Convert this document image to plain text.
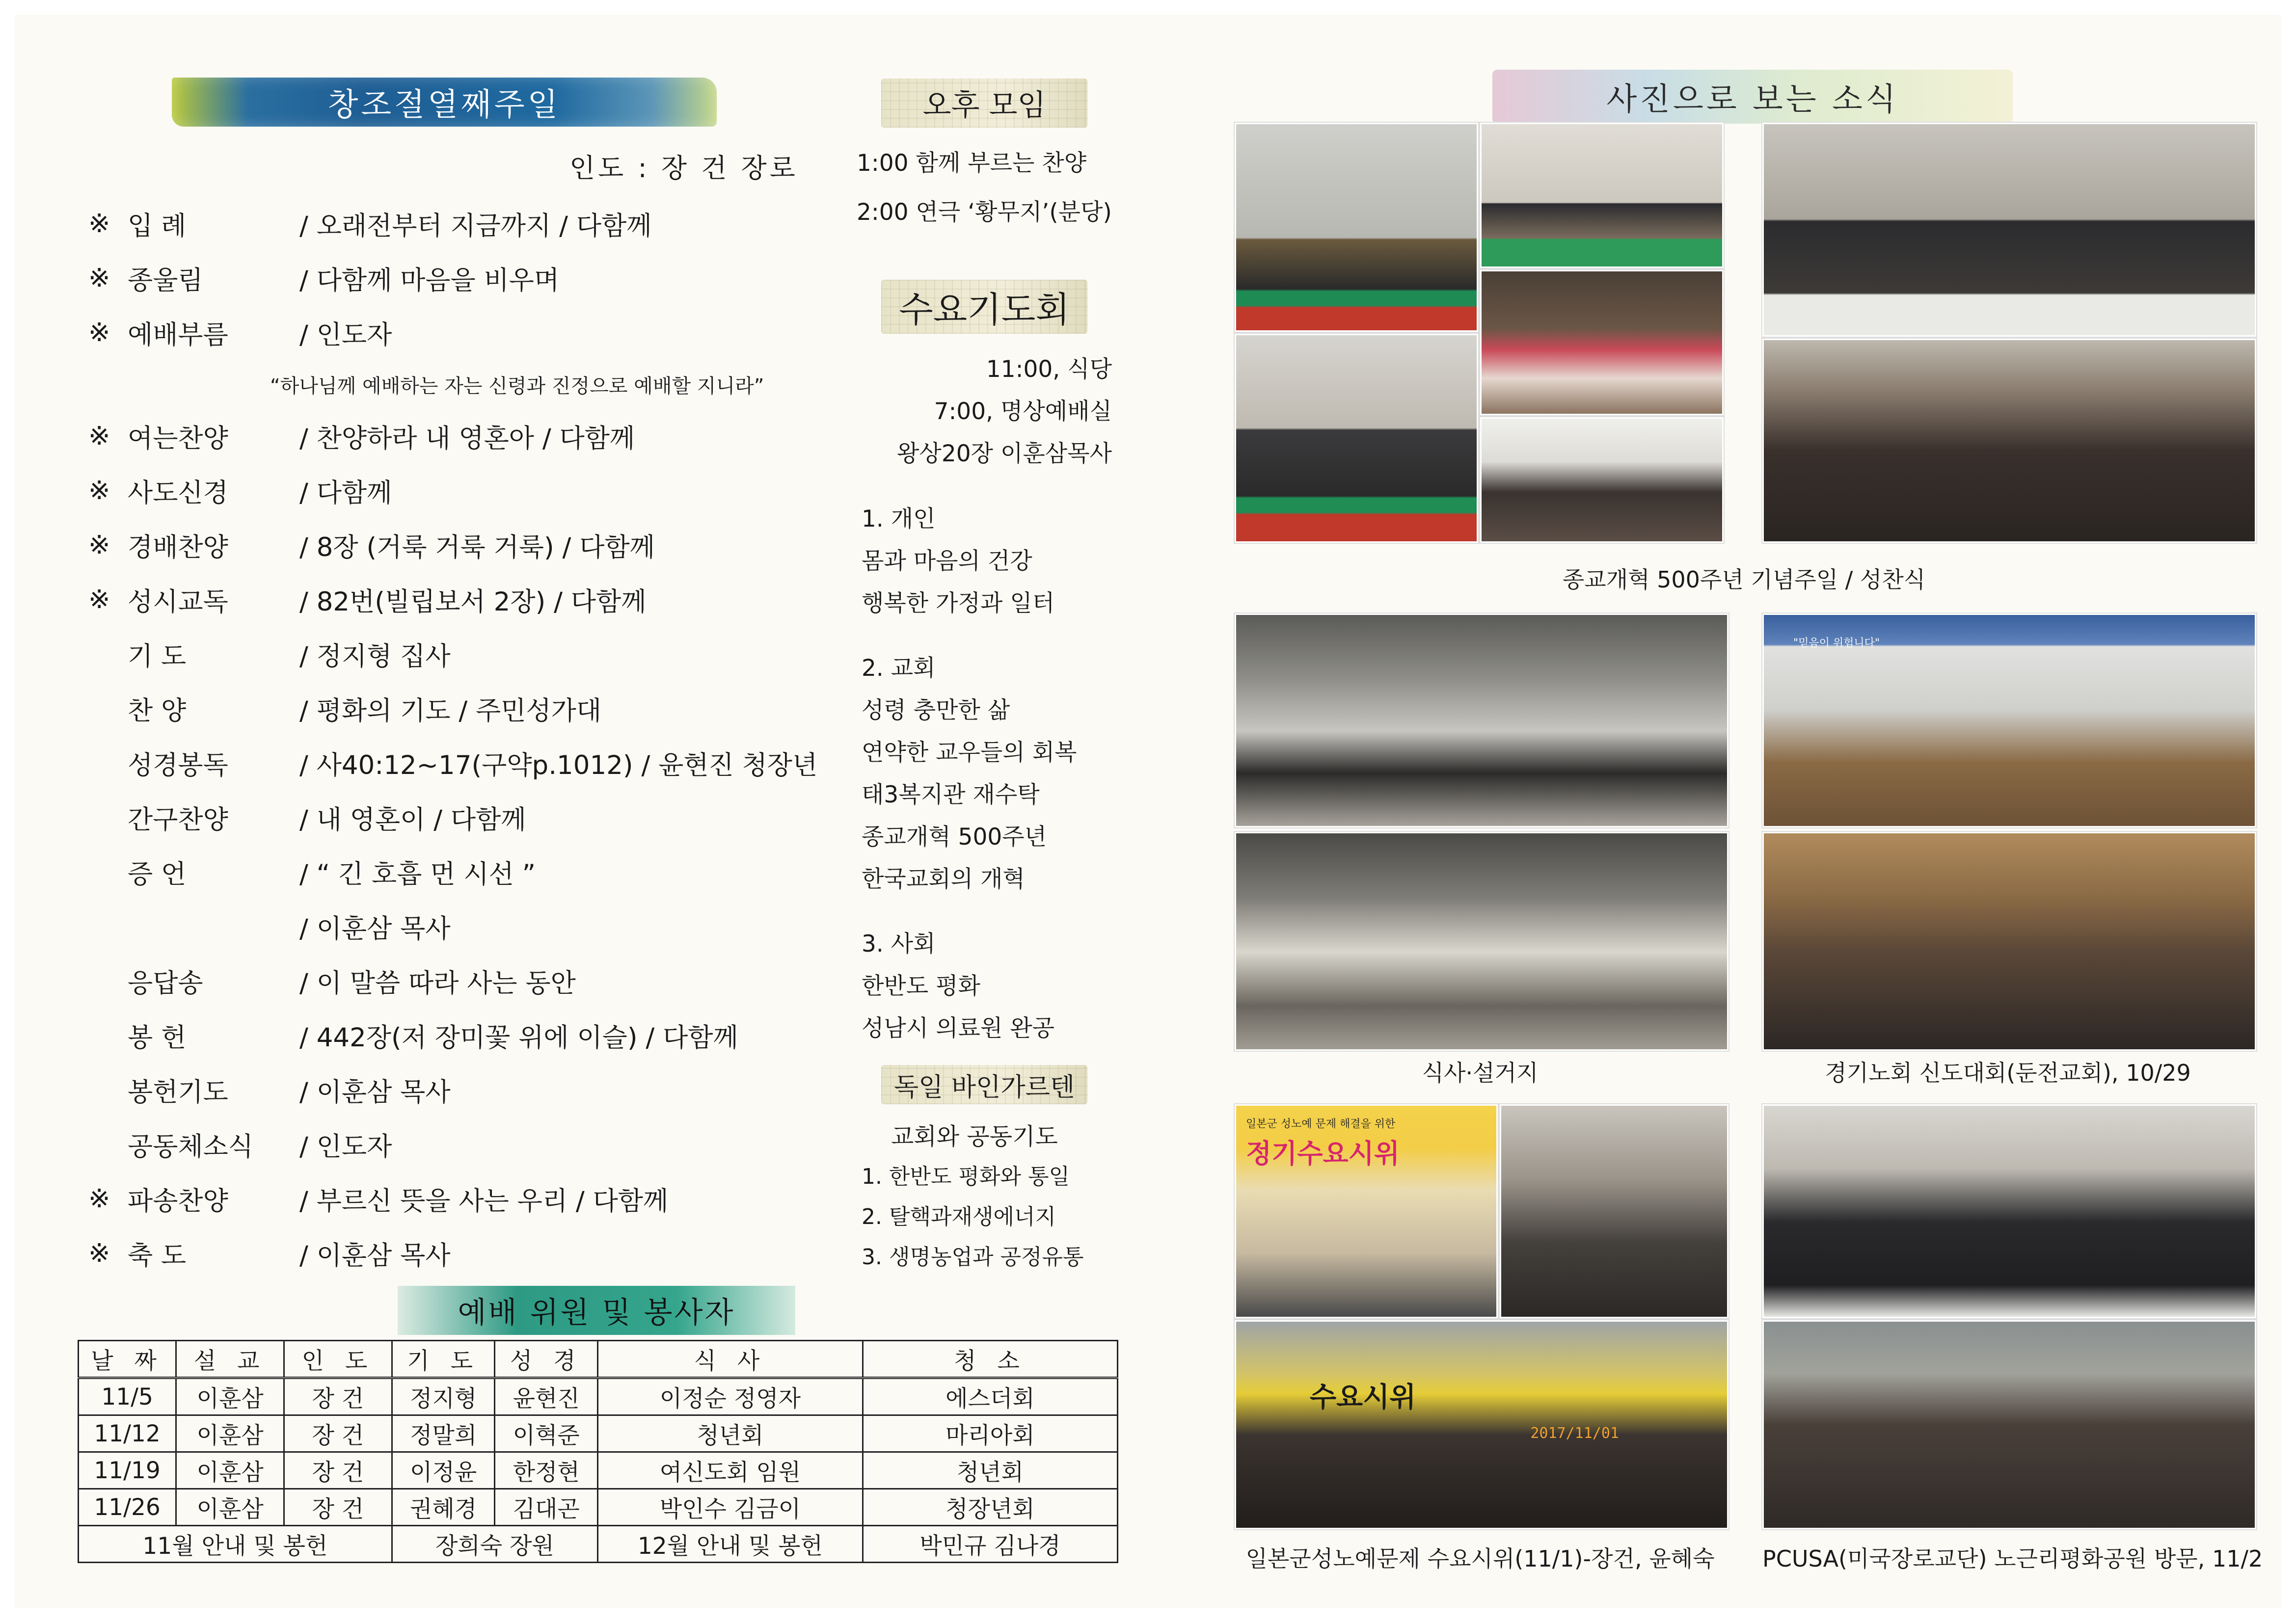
창조절열째주일
인도 : 장 건 장로
※ 입 례	/ 오래전부터 지금까지 / 다함께
※ 종울림	/ 다함께 마음을 비우며
※ 예배부름	/ 인도자
“하나님께 예배하는 자는 신령과 진정으로 예배할 지니라”
※ 여는찬양	/ 찬양하라 내 영혼아 / 다함께
※ 사도신경	/ 다함께
※ 경배찬양	/ 8장 (거룩 거룩 거룩) / 다함께
※ 성시교독	/ 82번(빌립보서 2장) / 다함께
기 도	/ 정지형 집사
찬 양	/ 평화의 기도 / 주민성가대
성경봉독	/ 사40:12~17(구약p.1012) / 윤현진 청장년
간구찬양	/ 내 영혼이 / 다함께
증 언	/ “ 긴 호흡 먼 시선 ”
/ 이훈삼 목사
응답송	/ 이 말씀 따라 사는 동안
봉 헌	/ 442장(저 장미꽃 위에 이슬) / 다함께
봉헌기도	/ 이훈삼 목사
공동체소식	/ 인도자
※ 파송찬양	/ 부르신 뜻을 사는 우리 / 다함께
※ 축 도	/ 이훈삼 목사
예배 위원 및 봉사자
날 짜	설 교	인 도	기 도	성 경	식 사	청 소
11/5	이훈삼	장 건	정지형	윤현진	이정순 정영자	에스더회
11/12	이훈삼	장 건	정말희	이혁준	청년회	마리아회
11/19	이훈삼	장 건	이정윤	한정현	여신도회 임원	청년회
11/26	이훈삼	장 건	권혜경	김대곤	박인수 김금이	청장년회
11월 안내 및 봉헌			장희숙 장원		12월 안내 및 봉헌	박민규 김나경
오후 모임
1:00 함께 부르는 찬양
2:00 연극 ‘황무지’(분당)
수요기도회
11:00, 식당
7:00, 명상예배실
왕상20장 이훈삼목사
1. 개인
몸과 마음의 건강
행복한 가정과 일터
2. 교회
성령 충만한 삶
연약한 교우들의 회복
태3복지관 재수탁
종교개혁 500주년
한국교회의 개혁
3. 사회
한반도 평화
성남시 의료원 완공
독일 바인가르텐
교회와 공동기도
1. 한반도 평화와 통일
2. 탈핵과재생에너지
3. 생명농업과 공정유통
사진으로 보는 소식
종교개혁 500주년 기념주일 / 성찬식
식사·설거지
"믿음이 위험니다"
경기노회 신도대회(둔전교회), 10/29
일본군 성노예 문제 해결을 위한
정기수요시위
수요시위
2017/11/01
일본군성노예문제 수요시위(11/1)-장건, 윤혜숙	PCUSA(미국장로교단) 노근리평화공원 방문, 11/2
